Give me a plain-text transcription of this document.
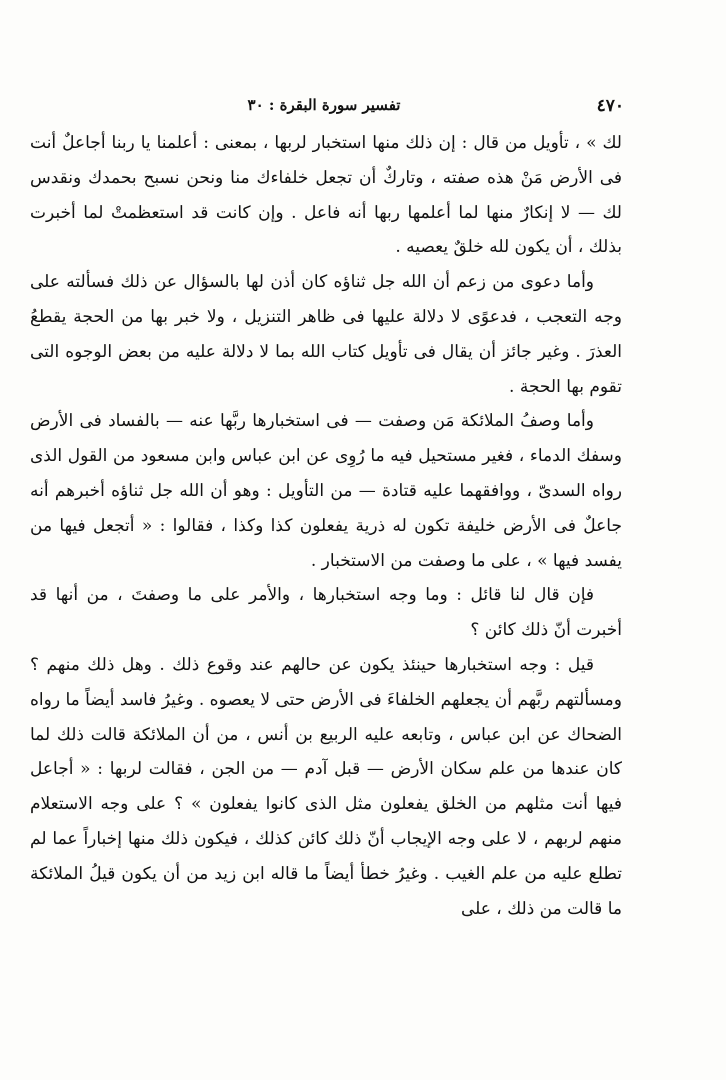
٤٧٠
تفسير سورة البقرة : ٣٠

لك » ، تأويل من قال : إن ذلك منها استخبار لربها ، بمعنى : أعلمنا يا ربنا أجاعلٌ أنت فى الأرض مَنْ هذه صفته ، وتاركٌ أن تجعل خلفاءك منا ونحن نسبح بحمدك ونقدس لك — لا إنكارٌ منها لما أعلمها ربها أنه فاعل . وإن كانت قد استعظمتْ لما أخبرت بذلك ، أن يكون لله خلقٌ يعصيه .

وأما دعوى من زعم أن الله جل ثناؤه كان أذن لها بالسؤال عن ذلك فسألته على وجه التعجب ، فدعوًى لا دلالة عليها فى ظاهر التنزيل ، ولا خبر بها من الحجة يقطعُ العذرَ . وغير جائز أن يقال فى تأويل كتاب الله بما لا دلالة عليه من بعض الوجوه التى تقوم بها الحجة .

وأما وصفُ الملائكة مَن وصفت — فى استخبارها ربَّها عنه — بالفساد فى الأرض وسفك الدماء ، فغير مستحيل فيه ما رُوِى عن ابن عباس وابن مسعود من القول الذى رواه السدىّ ، ووافقهما عليه قتادة — من التأويل : وهو أن الله جل ثناؤه أخبرهم أنه جاعلٌ فى الأرض خليفة تكون له ذرية يفعلون كذا وكذا ، فقالوا : « أتجعل فيها من يفسد فيها » ، على ما وصفت من الاستخبار .

فإن قال لنا قائل : وما وجه استخبارها ، والأمر على ما وصفتَ ، من أنها قد أخبرت أنّ ذلك كائن ؟

قيل : وجه استخبارها حينئذ يكون عن حالهم عند وقوع ذلك . وهل ذلك منهم ؟ ومسألتهم ربَّهم أن يجعلهم الخلفاءَ فى الأرض حتى لا يعصوه . وغيرُ فاسد أيضاً ما رواه الضحاك عن ابن عباس ، وتابعه عليه الربيع بن أنس ، من أن الملائكة قالت ذلك لما كان عندها من علم سكان الأرض — قبل آدم — من الجن ، فقالت لربها : « أجاعل فيها أنت مثلهم من الخلق يفعلون مثل الذى كانوا يفعلون » ؟ على وجه الاستعلام منهم لربهم ، لا على وجه الإيجاب أنّ ذلك كائن كذلك ، فيكون ذلك منها إخباراً عما لم تطلع عليه من علم الغيب . وغيرُ خطأ أيضاً ما قاله ابن زيد من أن يكون قيلُ الملائكة ما قالت من ذلك ، على
